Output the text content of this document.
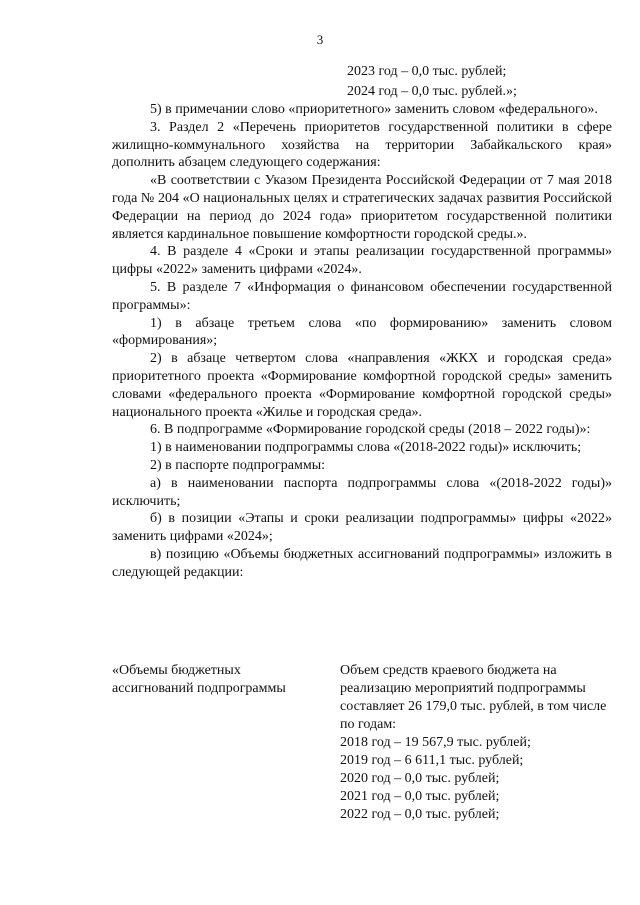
3
2023 год – 0,0 тыс. рублей;
2024 год – 0,0 тыс. рублей.»;

5) в примечании слово «приоритетного» заменить словом «федерального».

3. Раздел 2 «Перечень приоритетов государственной политики в сфере жилищно-коммунального хозяйства на территории Забайкальского края» дополнить абзацем следующего содержания:

«В соответствии с Указом Президента Российской Федерации от 7 мая 2018 года № 204 «О национальных целях и стратегических задачах развития Российской Федерации на период до 2024 года» приоритетом государственной политики является кардинальное повышение комфортности городской среды.».

4. В разделе 4 «Сроки и этапы реализации государственной программы» цифры «2022» заменить цифрами «2024».

5. В разделе 7 «Информация о финансовом обеспечении государственной программы»:

1) в абзаце третьем слова «по формированию» заменить словом «формирования»;

2) в абзаце четвертом слова «направления «ЖКХ и городская среда» приоритетного проекта «Формирование комфортной городской среды» заменить словами «федерального проекта «Формирование комфортной городской среды» национального проекта «Жилье и городская среда».

6. В подпрограмме «Формирование городской среды (2018 – 2022 годы)»:

1) в наименовании подпрограммы слова «(2018-2022 годы)» исключить;

2) в паспорте подпрограммы:

а) в наименовании паспорта подпрограммы слова «(2018-2022 годы)» исключить;

б) в позиции «Этапы и сроки реализации подпрограммы» цифры «2022» заменить цифрами «2024»;

в) позицию «Объемы бюджетных ассигнований подпрограммы» изложить в следующей редакции:

«Объемы бюджетных ассигнований подпрограммы
Объем средств краевого бюджета на реализацию мероприятий подпрограммы составляет 26 179,0 тыс. рублей, в том числе по годам:
2018 год – 19 567,9 тыс. рублей;
2019 год – 6 611,1 тыс. рублей;
2020 год – 0,0 тыс. рублей;
2021 год – 0,0 тыс. рублей;
2022 год – 0,0 тыс. рублей;
